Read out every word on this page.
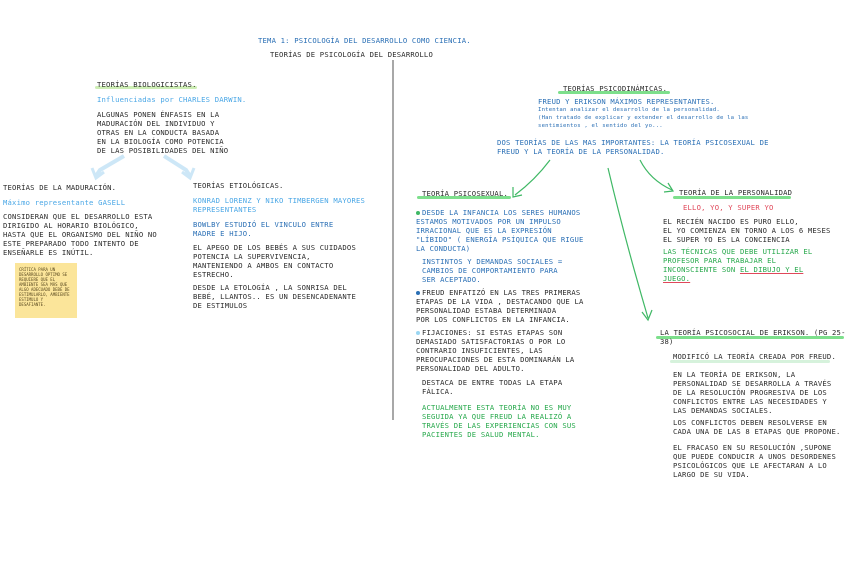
TEMA 1: PSICOLOGÍA DEL DESARROLLO COMO CIENCIA.
TEORÍAS DE PSICOLOGÍA DEL DESARROLLO
TEORÍAS BIOLOGICISTAS.
Influenciadas por CHARLES DARWIN.
ALGUNAS PONEN ÉNFASIS EN LA
MADURACIÓN DEL INDIVIDUO Y
OTRAS EN LA CONDUCTA BASADA
EN LA BIOLOGÍA COMO POTENCIA
DE LAS POSIBILIDADES DEL NIÑO
TEORÍAS DE LA MADURACIÓN.
Máximo representante GASELL
CONSIDERAN QUE EL DESARROLLO ESTA
DIRIGIDO AL HORARIO BIOLÓGICO,
HASTA QUE EL ORGANISMO DEL NIÑO NO
ESTE PREPARADO TODO INTENTO DE
ENSEÑARLE ES INÚTIL.
CRÍTICA PARA UN
DESARROLLO ÓPTIMO SE
REQUIERE QUE EL
AMBIENTE SEA MÁS QUE
ALGO ADECUADO DEBE DE
ESTIMULARLO, AMBIENTE
ESTIMULO Y
DESAFIANTE.
TEORÍAS ETIOLÓGICAS.
KONRAD LORENZ Y NIKO TIMBERGEN MAYORES
REPRESENTANTES
BOWLBY ESTUDIÓ EL VINCULO ENTRE
MADRE E HIJO.
EL APEGO DE LOS BEBÉS A SUS CUIDADOS
POTENCIA LA SUPERVIVENCIA,
MANTENIENDO A AMBOS EN CONTACTO
ESTRECHO.
DESDE LA ETOLOGÍA , LA SONRISA DEL
BEBÉ, LLANTOS.. ES UN DESENCADENANTE
DE ESTIMULOS
TEORÍAS PSICODINÁMICAS.
FREUD Y ERIKSON MÁXIMOS REPRESENTANTES.
Intentan analizar el desarrollo de la personalidad.
(Han tratado de explicar y extender el desarrollo de la las
sentimientos , el sentido del yo...
DOS TEORÍAS DE LAS MAS IMPORTANTES: LA TEORÍA PSICOSEXUAL DE
FREUD Y LA TEORÍA DE LA PERSONALIDAD.
TEORÍA PSICOSEXUAL.
DESDE LA INFANCIA LOS SERES HUMANOS
ESTAMOS MOTIVADOS POR UN IMPULSO
IRRACIONAL QUE ES LA EXPRESIÓN
"LÍBIDO" ( ENERGÍA PSÍQUICA QUE RIGUE
LA CONDUCTA)
INSTINTOS Y DEMANDAS SOCIALES =
CAMBIOS DE COMPORTAMIENTO PARA
SER ACEPTADO.
FREUD ENFATIZÓ EN LAS TRES PRIMERAS
ETAPAS DE LA VIDA , DESTACANDO QUE LA
PERSONALIDAD ESTABA DETERMINADA
POR LOS CONFLICTOS EN LA INFANCIA.
FIJACIONES: SI ESTAS ETAPAS SON
DEMASIADO SATISFACTORIAS O POR LO
CONTRARIO INSUFICIENTES, LAS
PREOCUPACIONES DE ESTA DOMINARÁN LA
PERSONALIDAD DEL ADULTO.
DESTACA DE ENTRE TODAS LA ETAPA
FÁLICA.
ACTUALMENTE ESTA TEORÍA NO ES MUY
SEGUIDA YA QUE FREUD LA REALIZÓ A
TRAVÉS DE LAS EXPERIENCIAS CON SUS
PACIENTES DE SALUD MENTAL.
TEORÍA DE LA PERSONALIDAD
ELLO, YO, Y SUPER YO
EL RECIÉN NACIDO ES PURO ELLO,
EL YO COMIENZA EN TORNO A LOS 6 MESES
EL SUPER YO ES LA CONCIENCIA
LAS TÉCNICAS QUE DEBE UTILIZAR EL
PROFESOR PARA TRABAJAR EL
INCONSCIENTE SON EL DIBUJO Y EL
JUEGO.
LA TEORÍA PSICOSOCIAL DE ERIKSON. (PG 25-38)
MODIFICÓ LA TEORÍA CREADA POR FREUD.
EN LA TEORÍA DE ERIKSON, LA
PERSONALIDAD SE DESARROLLA A TRAVÉS
DE LA RESOLUCIÓN PROGRESIVA DE LOS
CONFLICTOS ENTRE LAS NECESIDADES Y
LAS DEMANDAS SOCIALES.
LOS CONFLICTOS DEBEN RESOLVERSE EN
CADA UNA DE LAS 8 ETAPAS QUE PROPONE.
EL FRACASO EN SU RESOLUCIÓN ,SUPONE
QUE PUEDE CONDUCIR A UNOS DESORDENES
PSICOLÓGICOS QUE LE AFECTARAN A LO
LARGO DE SU VIDA.
